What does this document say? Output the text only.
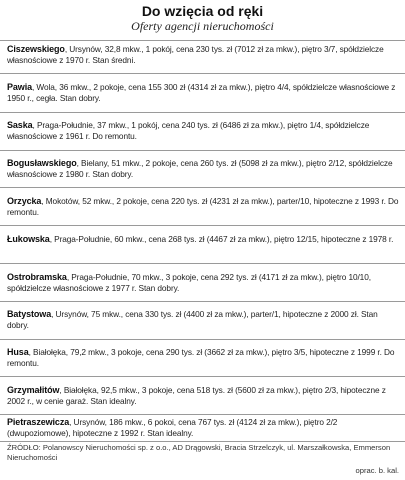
Do wzięcia od ręki
Oferty agencji nieruchomości
Ciszewskiego, Ursynów, 32,8 mkw., 1 pokój, cena 230 tys. zł (7012 zł za mkw.), piętro 3/7, spółdzielcze własnościowe z 1970 r. Stan średni.
Pawia, Wola, 36 mkw., 2 pokoje, cena 155 300 zł (4314 zł za mkw.), piętro 4/4, spółdzielcze własnościowe z 1950 r., cegła. Stan dobry.
Saska, Praga-Południe, 37 mkw., 1 pokój, cena 240 tys. zł (6486 zł za mkw.), piętro 1/4, spółdzielcze własnościowe z 1961 r. Do remontu.
Bogusławskiego, Bielany, 51 mkw., 2 pokoje, cena 260 tys. zł (5098 zł za mkw.), piętro 2/12, spółdzielcze własnościowe z 1980 r. Stan dobry.
Orzycka, Mokotów, 52 mkw., 2 pokoje, cena 220 tys. zł (4231 zł za mkw.), parter/10, hipoteczne z 1993 r. Do remontu.
Łukowska, Praga-Południe, 60 mkw., cena 268 tys. zł (4467 zł za mkw.), piętro 12/15, hipoteczne z 1978 r.
Ostrobramska, Praga-Południe, 70 mkw., 3 pokoje, cena 292 tys. zł (4171 zł za mkw.), piętro 10/10, spółdzielcze własnościowe z 1977 r. Stan dobry.
Batystowa, Ursynów, 75 mkw., cena 330 tys. zł (4400 zł za mkw.), parter/1, hipoteczne z 2000 zł. Stan dobry.
Husa, Białołęka, 79,2 mkw., 3 pokoje, cena 290 tys. zł (3662 zł za mkw.), piętro 3/5, hipoteczne z 1999 r. Do remontu.
Grzymałitów, Białołęka, 92,5 mkw., 3 pokoje, cena 518 tys. zł (5600 zł za mkw.), piętro 2/3, hipoteczne z 2002 r., w cenie garaż. Stan idealny.
Pietraszewicza, Ursynów, 186 mkw., 6 pokoi, cena 767 tys. zł (4124 zł za mkw.), piętro 2/2 (dwupoziomowe), hipoteczne z 1992 r. Stan idealny.
ŹRÓDŁO: Polanowscy Nieruchomości sp. z o.o., AD Drągowski, Bracia Strzelczyk, ul. Marszałkowska, Emmerson Nieruchomości
oprac. b. kal.
